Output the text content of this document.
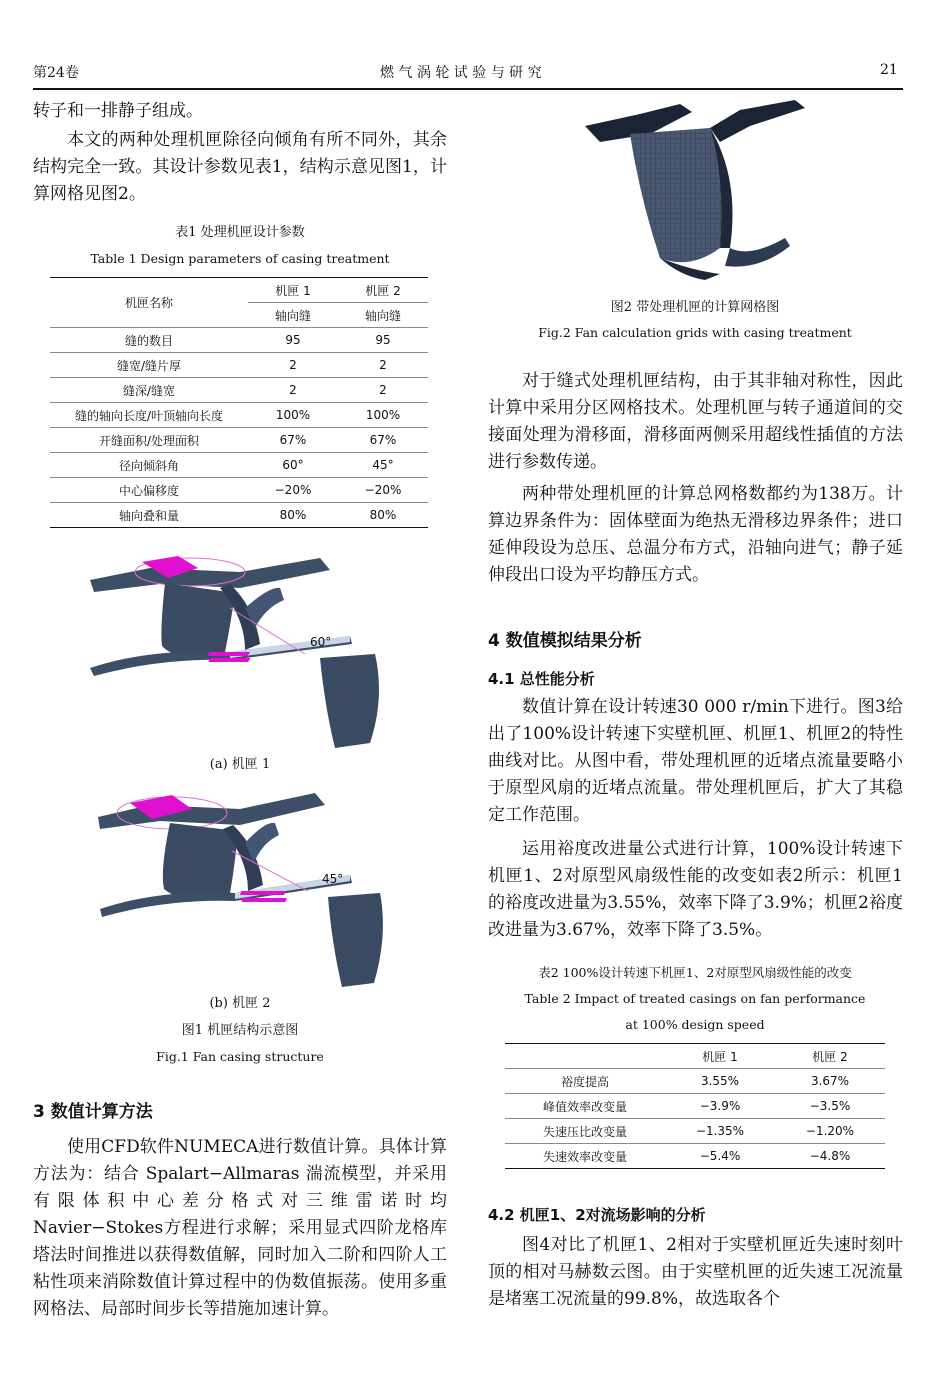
第24卷	燃 气 涡 轮 试 验 与 研 究	21

转子和一排静子组成。

本文的两种处理机匣除径向倾角有所不同外，其余结构完全一致。其设计参数见表1，结构示意见图1，计算网格见图2。

表1 处理机匣设计参数
Table 1 Design parameters of casing treatment
机匣名称	机匣 1	机匣 2
	轴向缝	轴向缝
缝的数目	95	95
缝宽/缝片厚	2	2
缝深/缝宽	2	2
缝的轴向长度/叶顶轴向长度	100%	100%
开缝面积/处理面积	67%	67%
径向倾斜角	60°	45°
中心偏移度	−20%	−20%
轴向叠和量	80%	80%
60°
(a) 机匣 1
45°
(b) 机匣 2
图1 机匣结构示意图
Fig.1 Fan casing structure
3 数值计算方法

使用CFD软件NUMECA进行数值计算。具体计算方法为：结合 Spalart−Allmaras 湍流模型，并采用有限体积中心差分格式对三维雷诺时均 Navier−Stokes方程进行求解；采用显式四阶龙格库塔法时间推进以获得数值解，同时加入二阶和四阶人工粘性项来消除数值计算过程中的伪数值振荡。使用多重网格法、局部时间步长等措施加速计算。

图2 带处理机匣的计算网格图
Fig.2 Fan calculation grids with casing treatment

对于缝式处理机匣结构，由于其非轴对称性，因此计算中采用分区网格技术。处理机匣与转子通道间的交接面处理为滑移面，滑移面两侧采用超线性插值的方法进行参数传递。

两种带处理机匣的计算总网格数都约为138万。计算边界条件为：固体壁面为绝热无滑移边界条件；进口延伸段设为总压、总温分布方式，沿轴向进气；静子延伸段出口设为平均静压方式。

4 数值模拟结果分析
4.1 总性能分析

数值计算在设计转速30 000 r/min下进行。图3给出了100%设计转速下实壁机匣、机匣1、机匣2的特性曲线对比。从图中看，带处理机匣的近堵点流量要略小于原型风扇的近堵点流量。带处理机匣后，扩大了其稳定工作范围。

运用裕度改进量公式进行计算，100%设计转速下机匣1、2对原型风扇级性能的改变如表2所示：机匣1的裕度改进量为3.55%，效率下降了3.9%；机匣2裕度改进量为3.67%，效率下降了3.5%。

表2 100%设计转速下机匣1、2对原型风扇级性能的改变
Table 2 Impact of treated casings on fan performance
at 100% design speed
	机匣 1	机匣 2
裕度提高	3.55%	3.67%
峰值效率改变量	−3.9%	−3.5%
失速压比改变量	−1.35%	−1.20%
失速效率改变量	−5.4%	−4.8%
4.2 机匣1、2对流场影响的分析

图4对比了机匣1、2相对于实壁机匣近失速时刻叶顶的相对马赫数云图。由于实壁机匣的近失速工况流量是堵塞工况流量的99.8%，故选取各个
